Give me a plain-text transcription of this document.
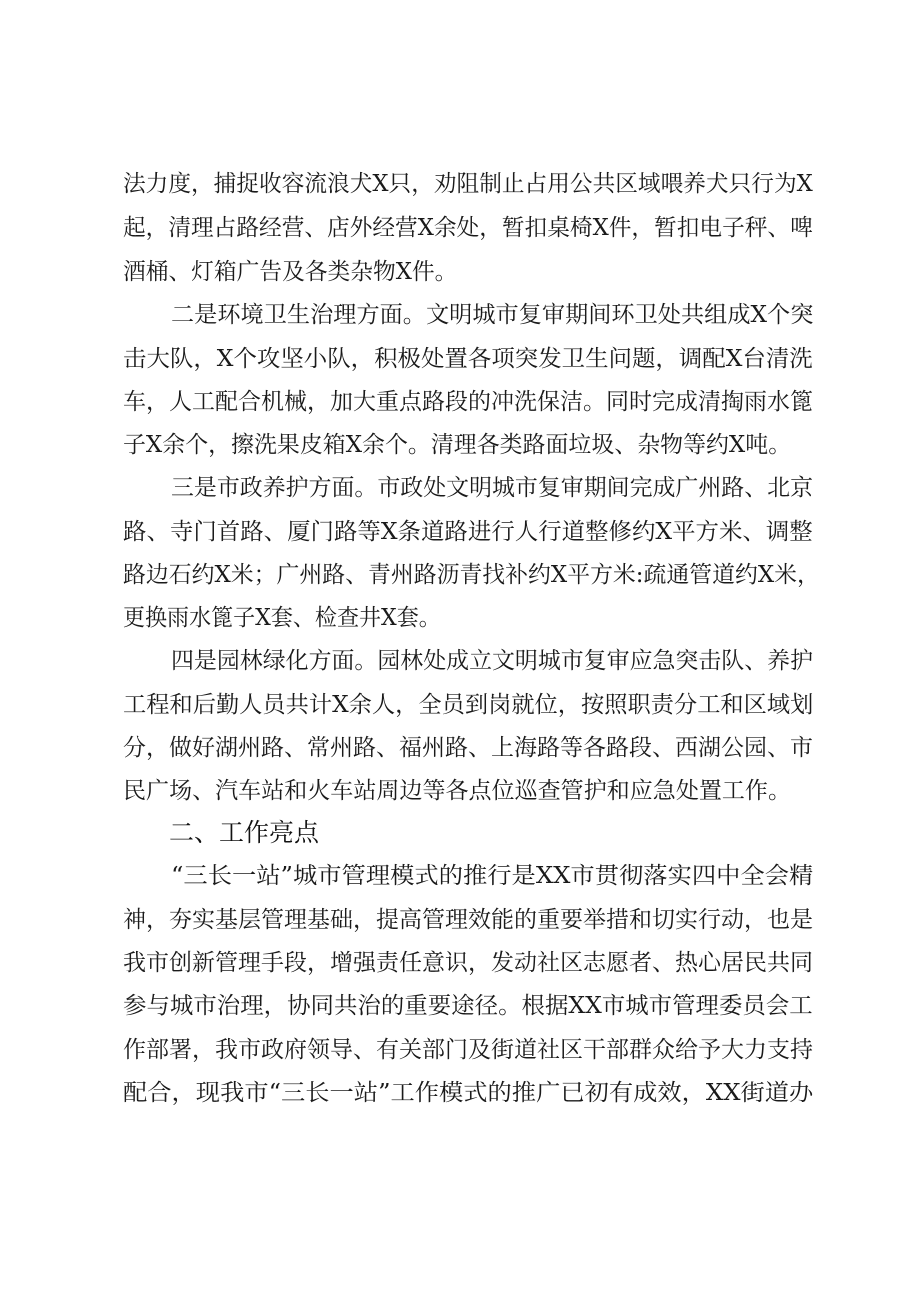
法力度，捕捉收容流浪犬X只，劝阻制止占用公共区域喂养犬只行为X
起，清理占路经营、店外经营X余处，暂扣桌椅X件，暂扣电子秤、啤
酒桶、灯箱广告及各类杂物X件。
二是环境卫生治理方面。文明城市复审期间环卫处共组成X个突
击大队，X个攻坚小队，积极处置各项突发卫生问题，调配X台清洗
车，人工配合机械，加大重点路段的冲洗保洁。同时完成清掏雨水篦
子X余个，擦洗果皮箱X余个。清理各类路面垃圾、杂物等约X吨。
三是市政养护方面。市政处文明城市复审期间完成广州路、北京
路、寺门首路、厦门路等X条道路进行人行道整修约X平方米、调整
路边石约X米；广州路、青州路沥青找补约X平方米:疏通管道约X米，
更换雨水篦子X套、检查井X套。
四是园林绿化方面。园林处成立文明城市复审应急突击队、养护
工程和后勤人员共计X余人，全员到岗就位，按照职责分工和区域划
分，做好湖州路、常州路、福州路、上海路等各路段、西湖公园、市
民广场、汽车站和火车站周边等各点位巡查管护和应急处置工作。
二、工作亮点
“三长一站”城市管理模式的推行是XX市贯彻落实四中全会精
神，夯实基层管理基础，提高管理效能的重要举措和切实行动，也是
我市创新管理手段，增强责任意识，发动社区志愿者、热心居民共同
参与城市治理，协同共治的重要途径。根据XX市城市管理委员会工
作部署，我市政府领导、有关部门及街道社区干部群众给予大力支持
配合，现我市“三长一站”工作模式的推广已初有成效，XX街道办
